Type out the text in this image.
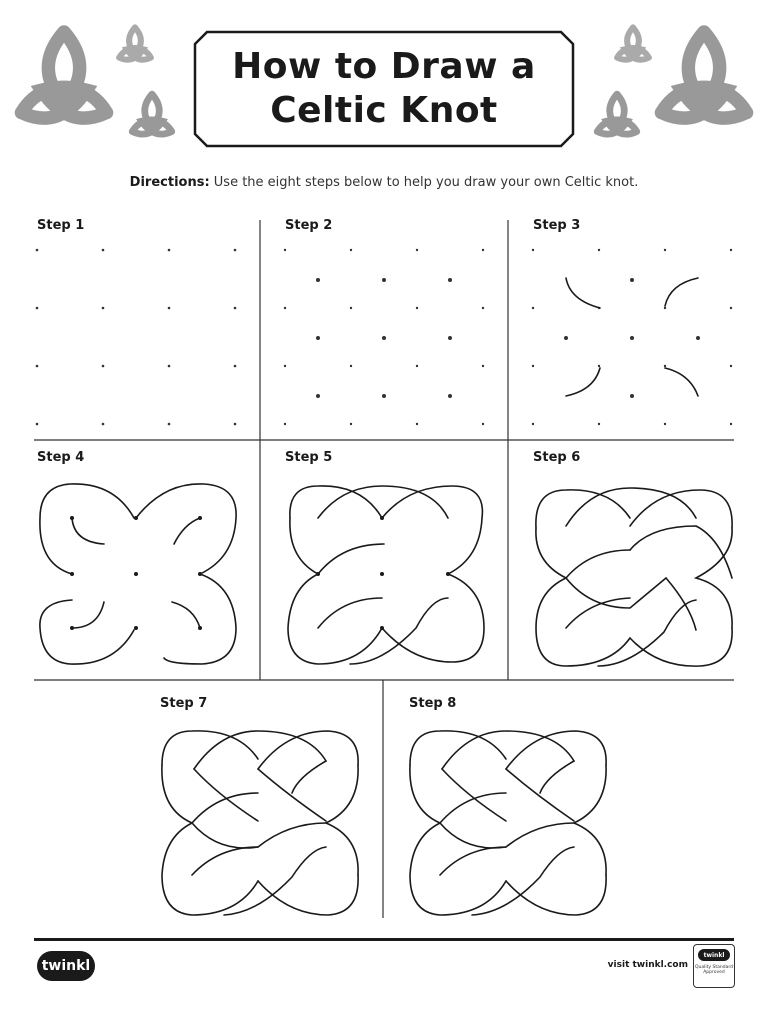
How to Draw a
Celtic Knot
Directions: Use the eight steps below to help you draw your own Celtic knot.
Step 1	Step 2	Step 3
Step 4	Step 5	Step 6
Step 7	Step 8
twinkl	visit twinkl.com
twinkl
Quality Standard Approved
